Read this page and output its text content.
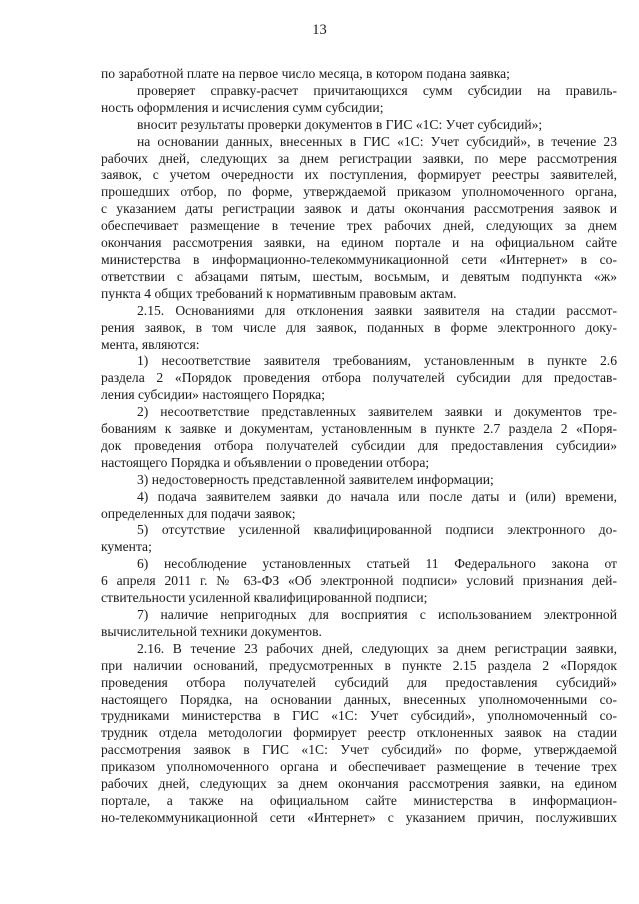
13
по заработной плате на первое число месяца, в котором подана заявка;
проверяет справку-расчет причитающихся сумм субсидии на правиль-
ность оформления и исчисления сумм субсидии;
вносит результаты проверки документов в ГИС «1С: Учет субсидий»;
на основании данных, внесенных в ГИС «1С: Учет субсидий», в течение 23
рабочих дней, следующих за днем регистрации заявки, по мере рассмотрения
заявок, с учетом очередности их поступления, формирует реестры заявителей,
прошедших отбор, по форме, утверждаемой приказом уполномоченного органа,
с указанием даты регистрации заявок и даты окончания рассмотрения заявок и
обеспечивает размещение в течение трех рабочих дней, следующих за днем
окончания рассмотрения заявки, на едином портале и на официальном сайте
министерства в информационно-телекоммуникационной сети «Интернет» в со-
ответствии с абзацами пятым, шестым, восьмым, и девятым подпункта «ж»
пункта 4 общих требований к нормативным правовым актам.
2.15. Основаниями для отклонения заявки заявителя на стадии рассмот-
рения заявок, в том числе для заявок, поданных в форме электронного доку-
мента, являются:
1) несоответствие заявителя требованиям, установленным в пункте 2.6
раздела 2 «Порядок проведения отбора получателей субсидии для предостав-
ления субсидии» настоящего Порядка;
2) несоответствие представленных заявителем заявки и документов тре-
бованиям к заявке и документам, установленным в пункте 2.7 раздела 2 «Поря-
док проведения отбора получателей субсидии для предоставления субсидии»
настоящего Порядка и объявлении о проведении отбора;
3) недостоверность представленной заявителем информации;
4) подача заявителем заявки до начала или после даты и (или) времени,
определенных для подачи заявок;
5) отсутствие усиленной квалифицированной подписи электронного до-
кумента;
6) несоблюдение установленных статьей 11 Федерального закона от
6 апреля 2011 г. № 63-ФЗ «Об электронной подписи» условий признания дей-
ствительности усиленной квалифицированной подписи;
7) наличие непригодных для восприятия с использованием электронной
вычислительной техники документов.
2.16. В течение 23 рабочих дней, следующих за днем регистрации заявки,
при наличии оснований, предусмотренных в пункте 2.15 раздела 2 «Порядок
проведения отбора получателей субсидий для предоставления субсидий»
настоящего Порядка, на основании данных, внесенных уполномоченными со-
трудниками министерства в ГИС «1С: Учет субсидий», уполномоченный со-
трудник отдела методологии формирует реестр отклоненных заявок на стадии
рассмотрения заявок в ГИС «1С: Учет субсидий» по форме, утверждаемой
приказом уполномоченного органа и обеспечивает размещение в течение трех
рабочих дней, следующих за днем окончания рассмотрения заявки, на едином
портале, а также на официальном сайте министерства в информацион-
но-телекоммуникационной сети «Интернет» с указанием причин, послуживших
